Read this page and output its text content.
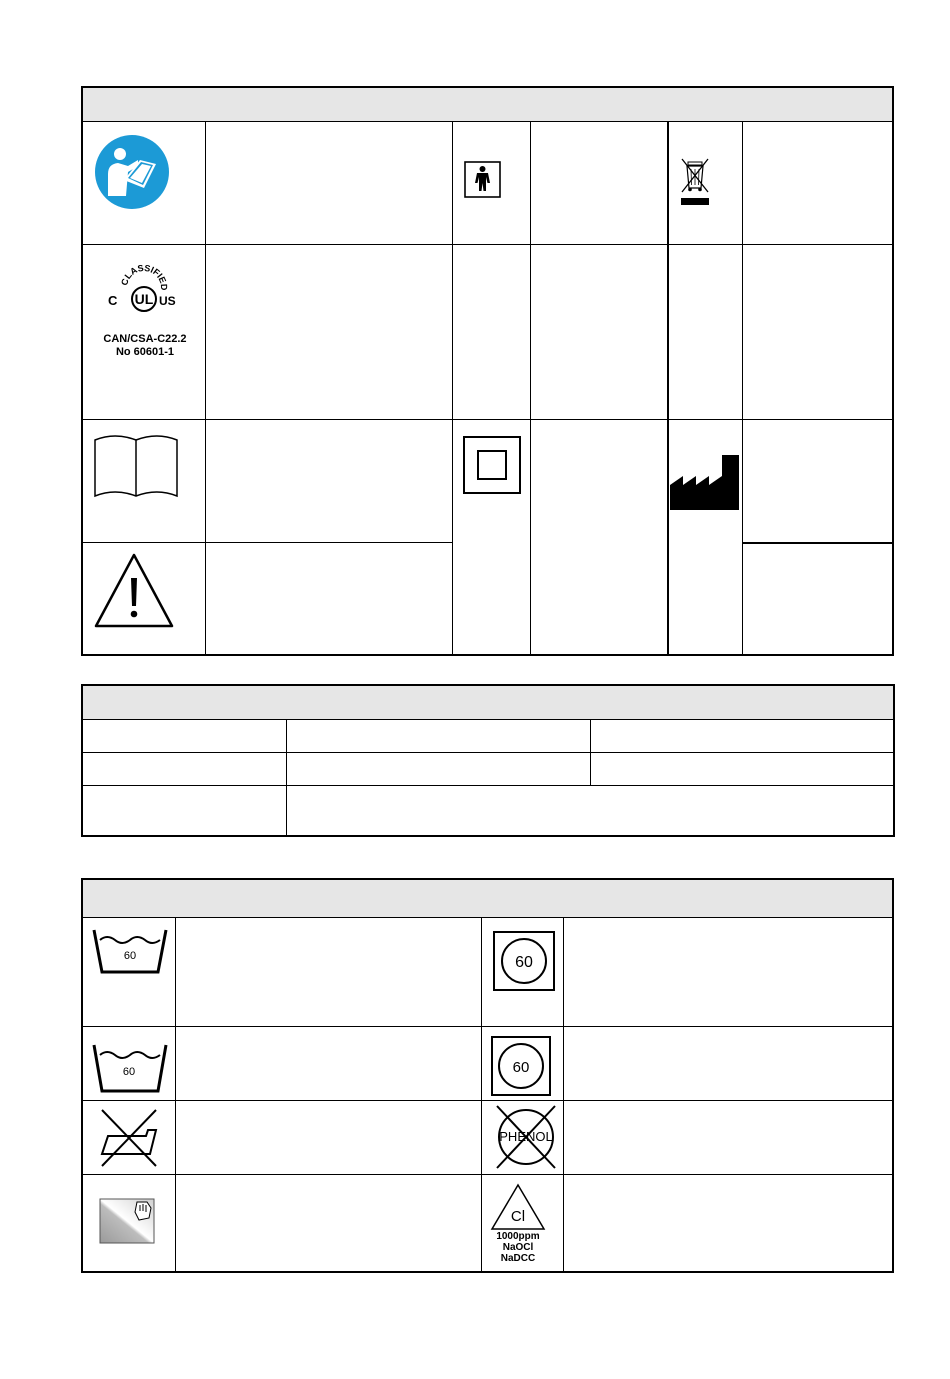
CLASSIFIED
C UL US
CAN/CSA-C22.2
No 60601-1
60	60
60	60
PHENOL
Cl
1000ppm
NaOCl
NaDCC
